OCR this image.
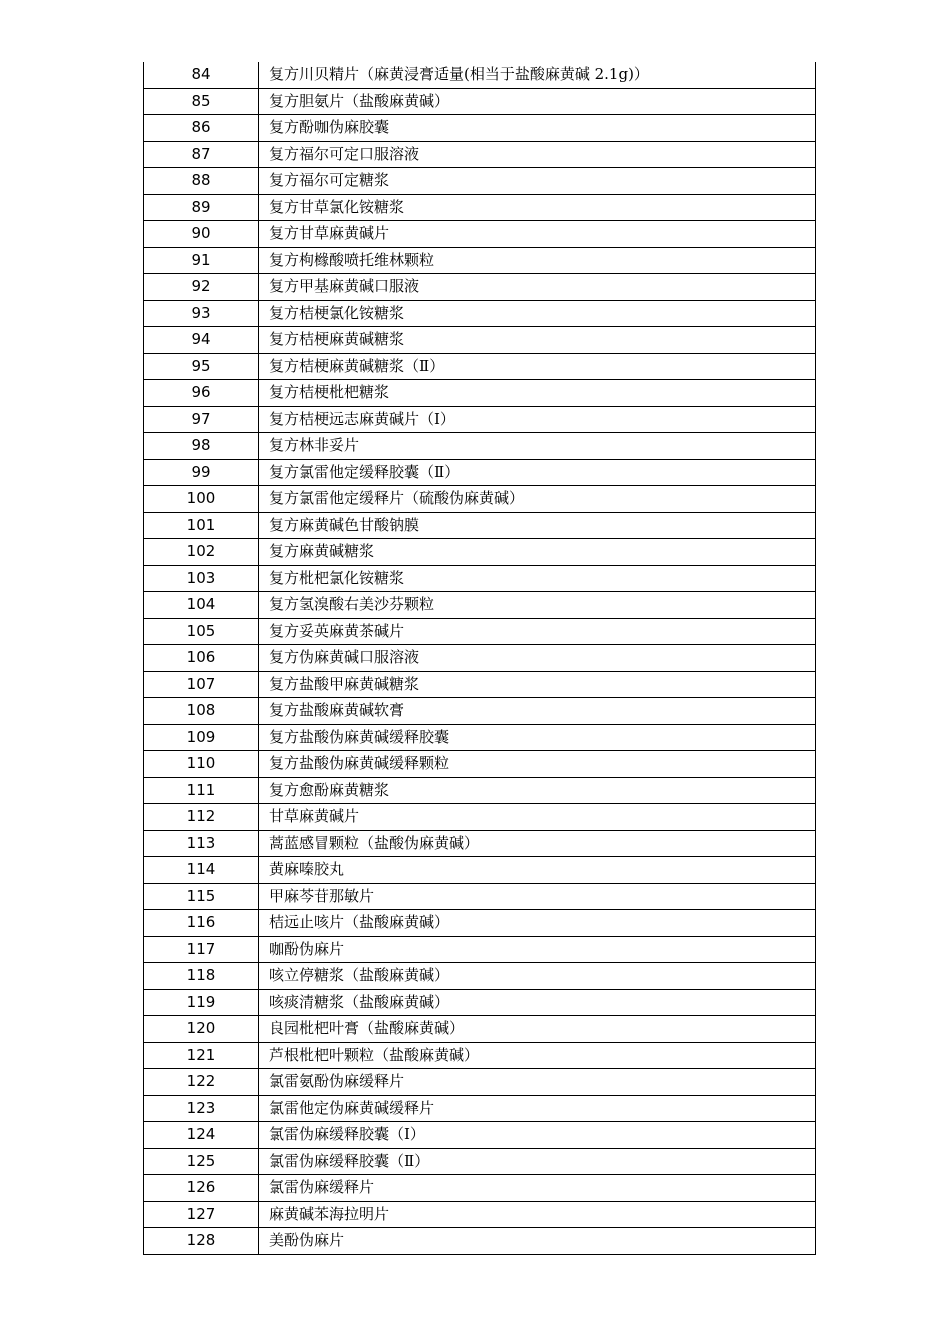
84	复方川贝精片（麻黄浸膏适量(相当于盐酸麻黄碱 2.1g)）
85	复方胆氨片（盐酸麻黄碱）
86	复方酚咖伪麻胶囊
87	复方福尔可定口服溶液
88	复方福尔可定糖浆
89	复方甘草氯化铵糖浆
90	复方甘草麻黄碱片
91	复方枸橼酸喷托维林颗粒
92	复方甲基麻黄碱口服液
93	复方桔梗氯化铵糖浆
94	复方桔梗麻黄碱糖浆
95	复方桔梗麻黄碱糖浆（Ⅱ）
96	复方桔梗枇杷糖浆
97	复方桔梗远志麻黄碱片（Ⅰ）
98	复方林非妥片
99	复方氯雷他定缓释胶囊（Ⅱ）
100	复方氯雷他定缓释片（硫酸伪麻黄碱）
101	复方麻黄碱色甘酸钠膜
102	复方麻黄碱糖浆
103	复方枇杷氯化铵糖浆
104	复方氢溴酸右美沙芬颗粒
105	复方妥英麻黄茶碱片
106	复方伪麻黄碱口服溶液
107	复方盐酸甲麻黄碱糖浆
108	复方盐酸麻黄碱软膏
109	复方盐酸伪麻黄碱缓释胶囊
110	复方盐酸伪麻黄碱缓释颗粒
111	复方愈酚麻黄糖浆
112	甘草麻黄碱片
113	蒿蓝感冒颗粒（盐酸伪麻黄碱）
114	黄麻嗪胶丸
115	甲麻芩苷那敏片
116	桔远止咳片（盐酸麻黄碱）
117	咖酚伪麻片
118	咳立停糖浆（盐酸麻黄碱）
119	咳痰清糖浆（盐酸麻黄碱）
120	良园枇杷叶膏（盐酸麻黄碱）
121	芦根枇杷叶颗粒（盐酸麻黄碱）
122	氯雷氨酚伪麻缓释片
123	氯雷他定伪麻黄碱缓释片
124	氯雷伪麻缓释胶囊（Ⅰ）
125	氯雷伪麻缓释胶囊（Ⅱ）
126	氯雷伪麻缓释片
127	麻黄碱苯海拉明片
128	美酚伪麻片
